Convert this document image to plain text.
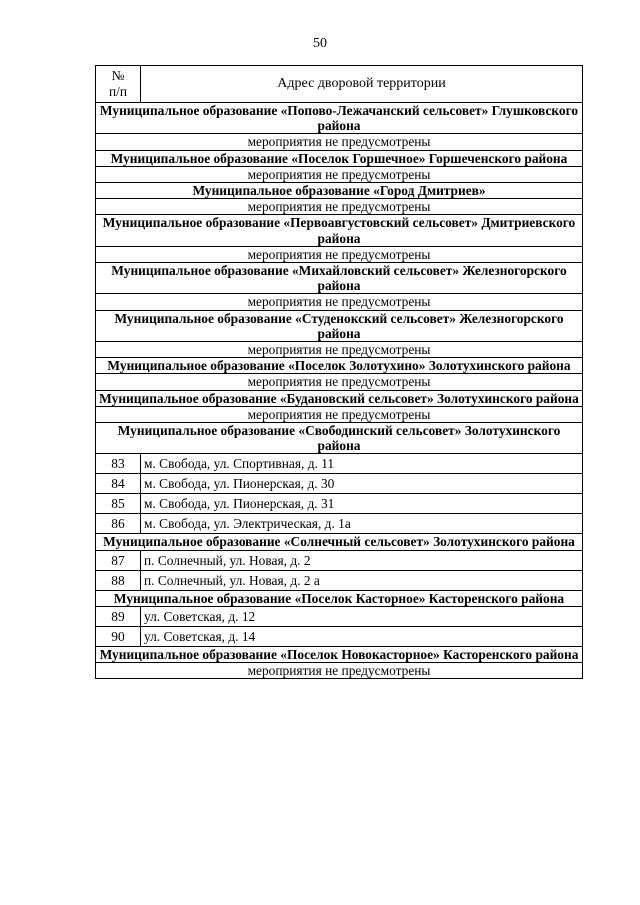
50
№
п/п	Адрес дворовой территории
Муниципальное образование «Попово-Лежачанский сельсовет» Глушковского района	
мероприятия не предусмотрены	
Муниципальное образование «Поселок Горшечное» Горшеченского района	
мероприятия не предусмотрены	
Муниципальное образование «Город Дмитриев»	
мероприятия не предусмотрены	
Муниципальное образование «Первоавгустовский сельсовет» Дмитриевского района	
мероприятия не предусмотрены	
Муниципальное образование «Михайловский сельсовет» Железногорского района	
мероприятия не предусмотрены	
Муниципальное образование «Студенокский сельсовет» Железногорского района	
мероприятия не предусмотрены	
Муниципальное образование «Поселок Золотухино» Золотухинского района	
мероприятия не предусмотрены	
Муниципальное образование «Будановский сельсовет» Золотухинского района	
мероприятия не предусмотрены	
Муниципальное образование «Свободинский сельсовет» Золотухинского района	
83	м. Свобода, ул. Спортивная, д. 11
84	м. Свобода, ул. Пионерская, д. 30
85	м. Свобода, ул. Пионерская, д. 31
86	м. Свобода, ул. Электрическая, д. 1а
Муниципальное образование «Солнечный сельсовет» Золотухинского района	
87	п. Солнечный, ул. Новая, д. 2
88	п. Солнечный, ул. Новая, д. 2 а
Муниципальное образование «Поселок Касторное» Касторенского района	
89	ул. Советская, д. 12
90	ул. Советская, д. 14
Муниципальное образование «Поселок Новокасторное» Касторенского района	
мероприятия не предусмотрены	
